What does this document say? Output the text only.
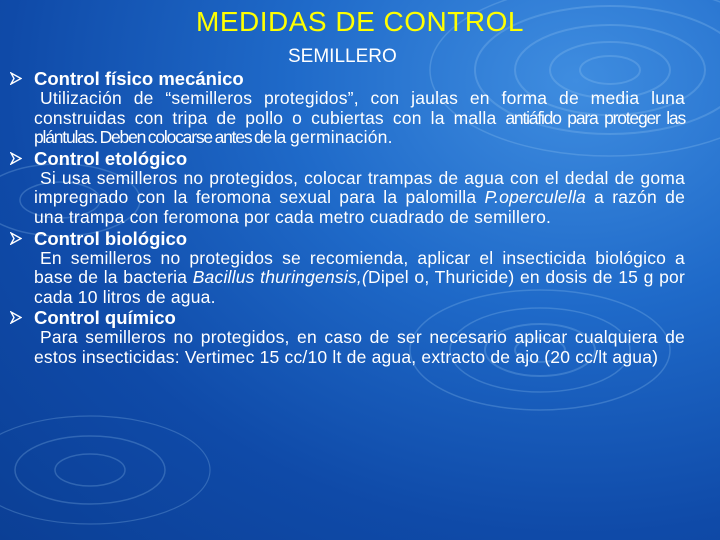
MEDIDAS DE CONTROL
SEMILLERO
Control físico mecánico

Utilización de “semilleros protegidos”, con jaulas en forma de media luna construidas con tripa de pollo o cubiertas con la malla antiáfido para proteger las plántulas. Deben colocarse antes de la germinación.

Control etológico

Si usa semilleros no protegidos, colocar trampas de agua con el dedal de goma impregnado con la feromona sexual para la palomilla P.operculella a razón de una trampa con feromona por cada metro cuadrado de semillero.

Control biológico

En semilleros no protegidos se recomienda, aplicar el insecticida biológico a base de la bacteria Bacillus thuringensis,(Dipel o, Thuricide) en dosis de 15 g por cada 10 litros de agua.

Control químico

Para semilleros no protegidos, en caso de ser necesario aplicar cualquiera de estos insecticidas: Vertimec 15 cc/10 lt de agua, extracto de ajo (20 cc/lt agua)
